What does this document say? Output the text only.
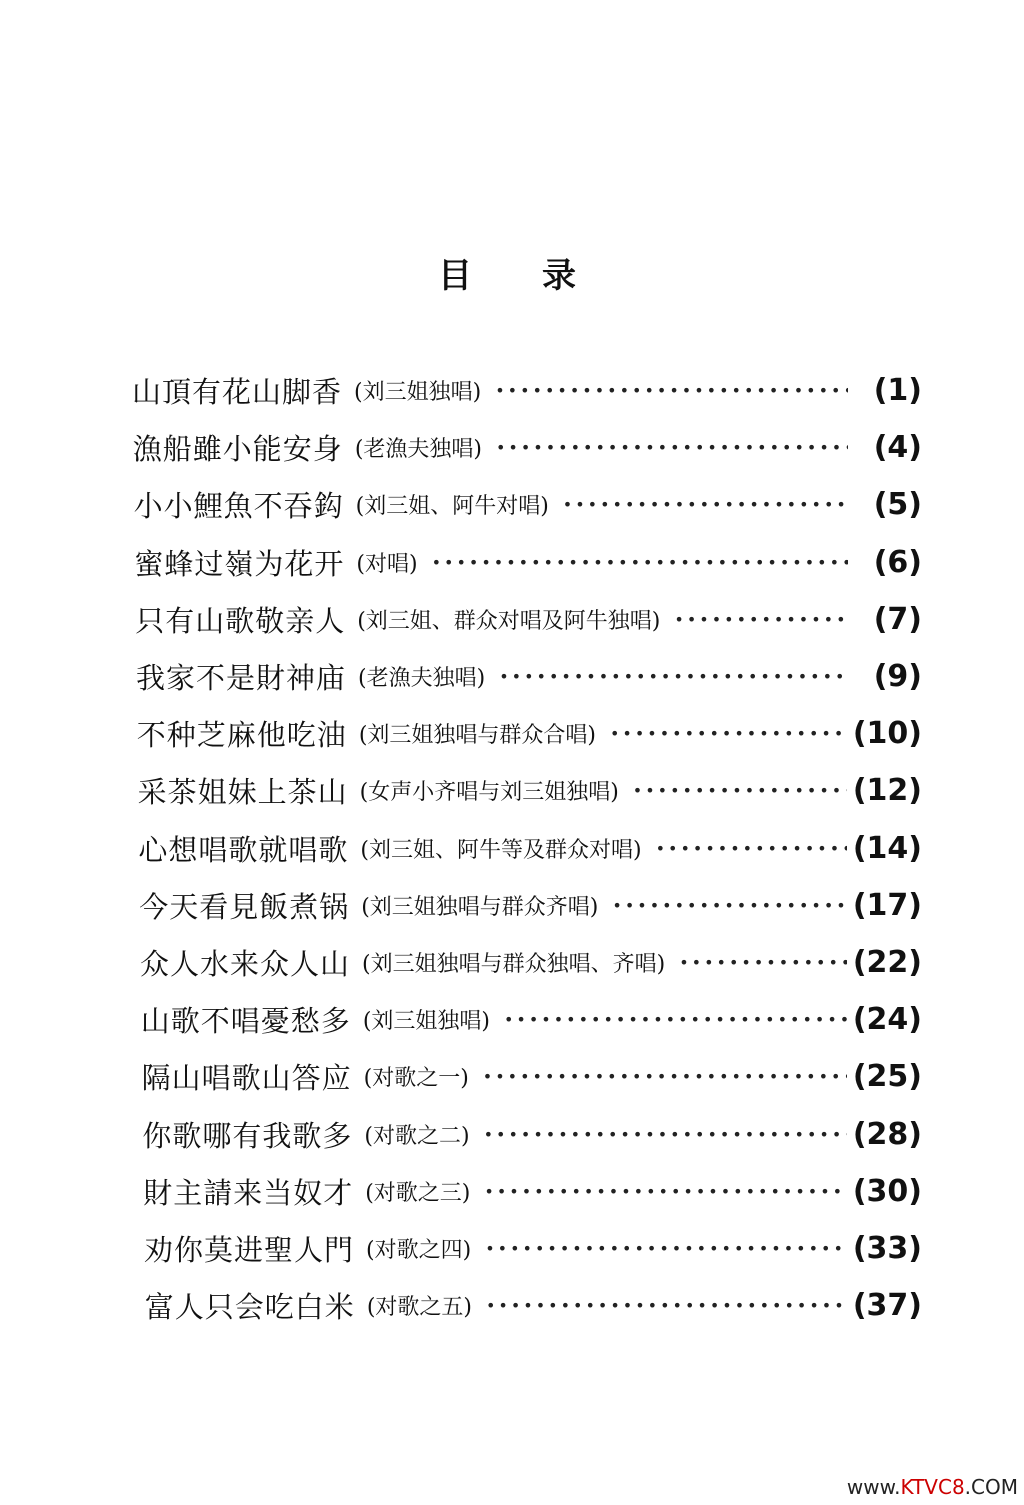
目录
山頂有花山脚香 (刘三姐独唱) •••••	(1)
漁船雖小能安身 (老漁夫独唱) •••••	(4)
小小鯉魚不吞鈎 (刘三姐、阿牛对唱) •••••	(5)
蜜蜂过嶺为花开 (对唱) •••••	(6)
只有山歌敬亲人 (刘三姐、群众对唱及阿牛独唱) •••••	(7)
我家不是財神庙 (老漁夫独唱) •••••	(9)
不种芝麻他吃油 (刘三姐独唱与群众合唱) •••••	(10)
采茶姐妹上茶山 (女声小齐唱与刘三姐独唱) •••••	(12)
心想唱歌就唱歌 (刘三姐、阿牛等及群众对唱) •••••	(14)
今天看見飯煮锅 (刘三姐独唱与群众齐唱) •••••	(17)
众人水来众人山 (刘三姐独唱与群众独唱、齐唱) •••••	(22)
山歌不唱憂愁多 (刘三姐独唱) •••••	(24)
隔山唱歌山答应 (对歌之一) •••••	(25)
你歌哪有我歌多 (对歌之二) •••••	(28)
財主請来当奴才 (对歌之三) •••••	(30)
劝你莫进聖人門 (对歌之四) •••••	(33)
富人只会吃白米 (对歌之五) •••••	(37)
www.KTVC8.COM
